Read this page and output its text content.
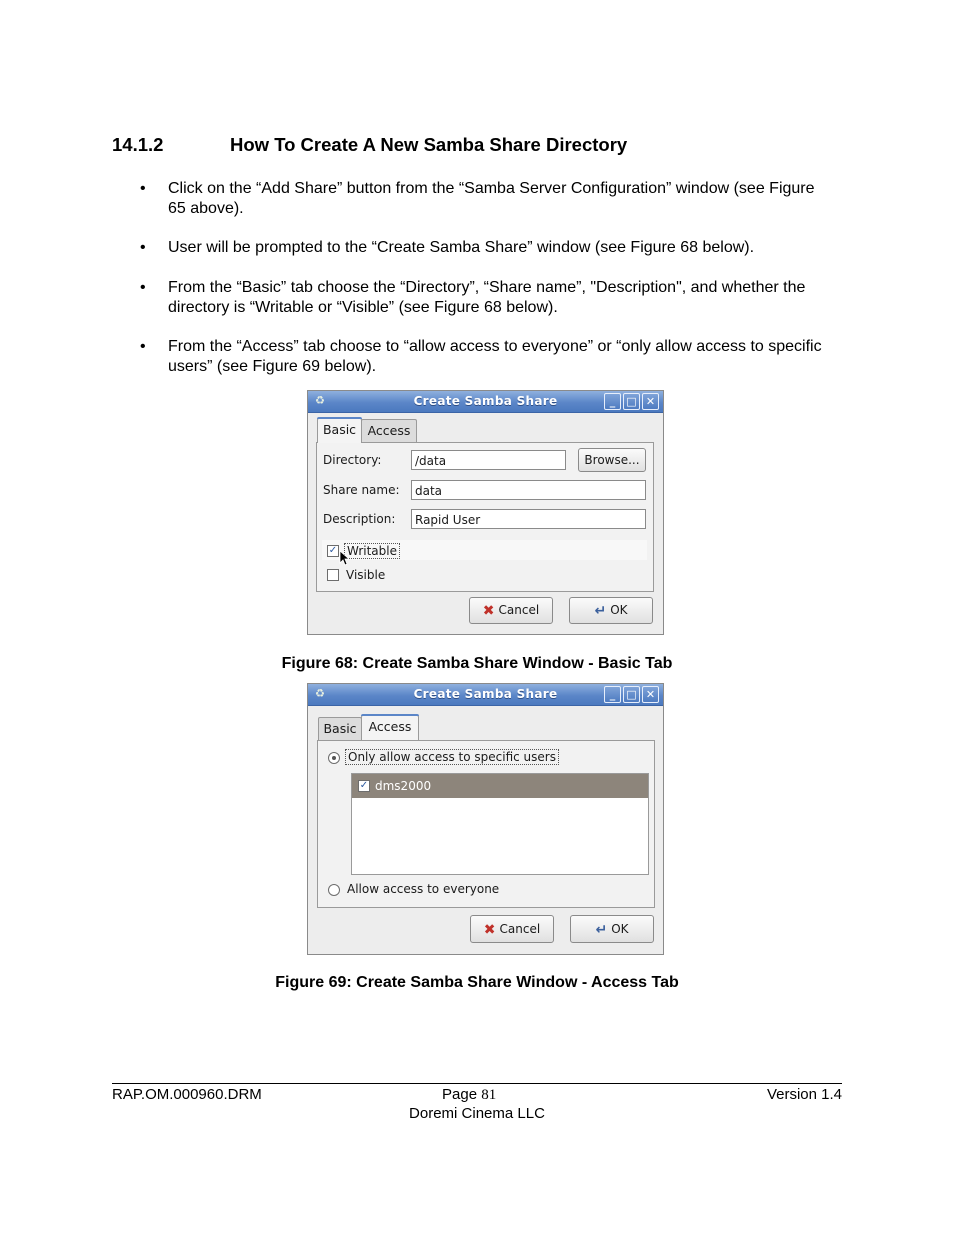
14.1.2	How To Create A New Samba Share Directory
• Click on the “Add Share” button from the “Samba Server Configuration” window (see Figure 65 above).
• User will be prompted to the “Create Samba Share” window (see Figure 68 below).
• From the “Basic” tab choose the “Directory”, “Share name”, "Description", and whether the directory is “Writable or “Visible” (see Figure 68 below).
• From the “Access” tab choose to “allow access to everyone” or “only allow access to specific users” (see Figure 69 below).
♻	Create Samba Share	_	□ ✕
Basic Access
Directory:	/data	Browse...
Share name:	data
Description:	Rapid User
✓ Writable
Visible
✖ Cancel	↵ OK
Figure 68: Create Samba Share Window - Basic Tab
♻	Create Samba Share	_	□ ✕
Basic Access
Only allow access to specific users
✓ dms2000
Allow access to everyone
✖ Cancel	↵ OK
Figure 69: Create Samba Share Window - Access Tab
RAP.OM.000960.DRM	Page 81	Version 1.4
Doremi Cinema LLC
